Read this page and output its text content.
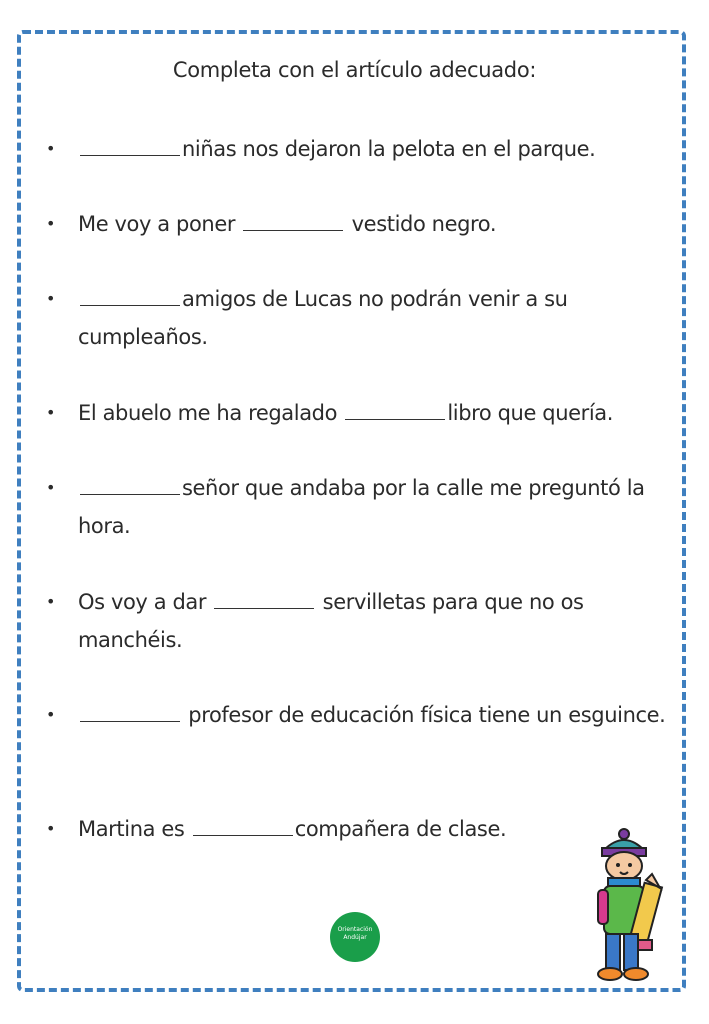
Completa con el artículo adecuado:
•	niñas nos dejaron la pelota en el parque.
• Me voy a poner	vestido negro.
•	amigos de Lucas no podrán venir a su cumpleaños.
• El abuelo me ha regalado	libro que quería.
•	señor que andaba por la calle me preguntó la hora.
• Os voy a dar	servilletas para que no os manchéis.
•	profesor de educación física tiene un esguince.
• Martina es	compañera de clase.
Orientación Andújar
